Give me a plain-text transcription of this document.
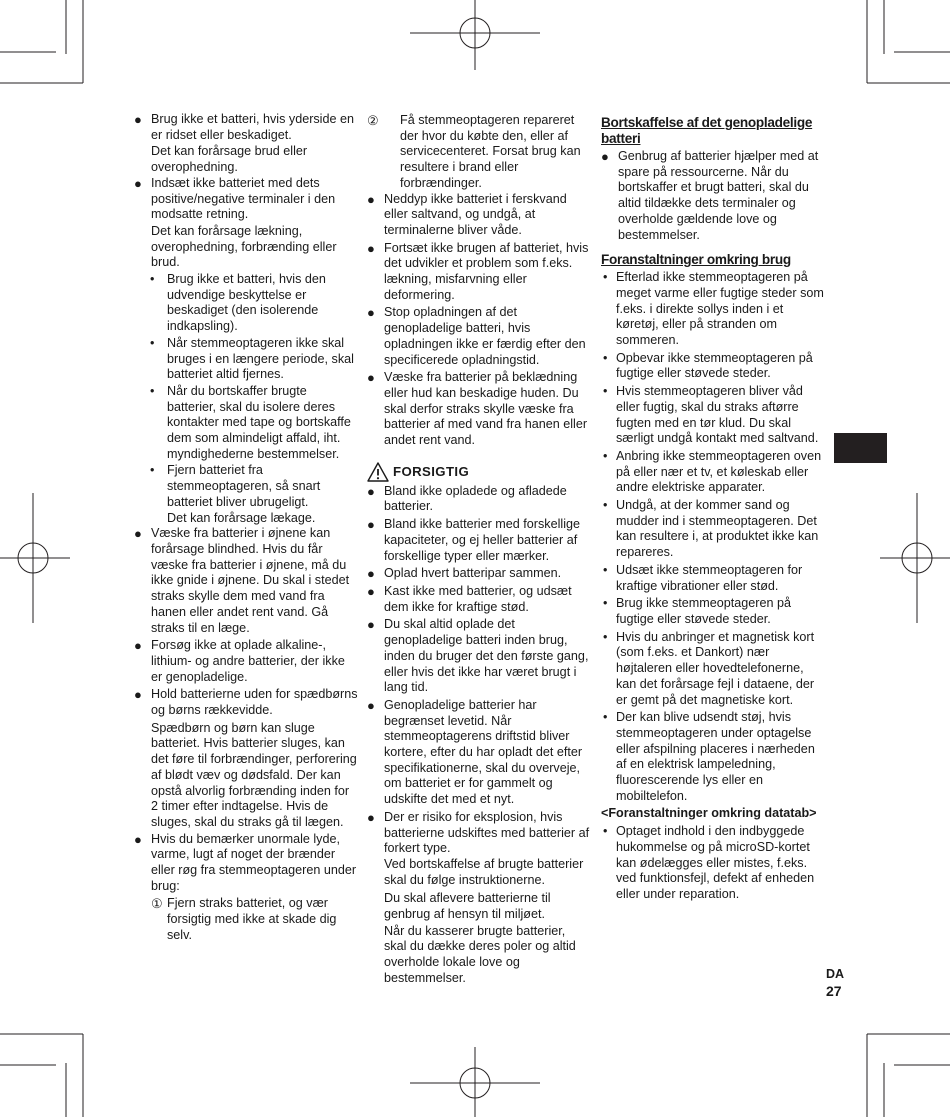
● Brug ikke et batteri, hvis yderside en er ridset eller beskadiget.
Det kan forårsage brud eller overophedning.
● Indsæt ikke batteriet med dets positive/negative terminaler i den modsatte retning.
Det kan forårsage lækning, overophedning, forbrænding eller brud.
• Brug ikke et batteri, hvis den udvendige beskyttelse er beskadiget (den isolerende indkapsling).
• Når stemmeoptageren ikke skal bruges i en længere periode, skal batteriet altid fjernes.
• Når du bortskaffer brugte batterier, skal du isolere deres kontakter med tape og bortskaffe dem som almindeligt affald, iht. myndighederne bestemmelser.
• Fjern batteriet fra stemmeoptageren, så snart batteriet bliver ubrugeligt.
Det kan forårsage lækage.
● Væske fra batterier i øjnene kan forårsage blindhed. Hvis du får væske fra batterier i øjnene, må du ikke gnide i øjnene. Du skal i stedet straks skylle dem med vand fra hanen eller andet rent vand. Gå straks til en læge.
● Forsøg ikke at oplade alkaline-, lithium- og andre batterier, der ikke er genopladelige.
● Hold batterierne uden for spædbørns og børns rækkevidde.
Spædbørn og børn kan sluge batteriet. Hvis batterier sluges, kan det føre til forbrændinger, perforering af blødt væv og dødsfald. Der kan opstå alvorlig forbrænding inden for 2 timer efter indtagelse. Hvis de sluges, skal du straks gå til lægen.
● Hvis du bemærker unormale lyde, varme, lugt af noget der brænder eller røg fra stemmeoptageren under brug:
① Fjern straks batteriet, og vær forsigtig med ikke at skade dig selv.
②	Få stemmeoptageren repareret der hvor du købte den, eller af servicecenteret. Forsat brug kan resultere i brand eller forbrændinger.
● Neddyp ikke batteriet i ferskvand eller saltvand, og undgå, at terminalerne bliver våde.
● Fortsæt ikke brugen af batteriet, hvis det udvikler et problem som f.eks. lækning, misfarvning eller deformering.
● Stop opladningen af det genopladelige batteri, hvis opladningen ikke er færdig efter den specificerede opladningstid.
● Væske fra batterier på beklædning eller hud kan beskadige huden. Du skal derfor straks skylle væske fra batterier af med vand fra hanen eller andet rent vand.
FORSIGTIG
● Bland ikke opladede og afladede batterier.
● Bland ikke batterier med forskellige kapaciteter, og ej heller batterier af forskellige typer eller mærker.
● Oplad hvert batteripar sammen.
● Kast ikke med batterier, og udsæt dem ikke for kraftige stød.
● Du skal altid oplade det genopladelige batteri inden brug, inden du bruger det den første gang, eller hvis det ikke har været brugt i lang tid.
● Genopladelige batterier har begrænset levetid. Når stemmeoptagerens driftstid bliver kortere, efter du har opladt det efter specifikationerne, skal du overveje, om batteriet er for gammelt og udskifte det med et nyt.
● Der er risiko for eksplosion, hvis batterierne udskiftes med batterier af forkert type.
Ved bortskaffelse af brugte batterier skal du følge instruktionerne.
Du skal aflevere batterierne til genbrug af hensyn til miljøet.
Når du kasserer brugte batterier, skal du dække deres poler og altid overholde lokale love og bestemmelser.
Bortskaffelse af det genopladelige batteri
● Genbrug af batterier hjælper med at spare på ressourcerne. Når du bortskaffer et brugt batteri, skal du altid tildække dets terminaler og overholde gældende love og bestemmelser.
Foranstaltninger omkring brug
• Efterlad ikke stemmeoptageren på meget varme eller fugtige steder som f.eks. i direkte sollys inden i et køretøj, eller på stranden om sommeren.
• Opbevar ikke stemmeoptageren på fugtige eller støvede steder.
• Hvis stemmeoptageren bliver våd eller fugtig, skal du straks aftørre fugten med en tør klud. Du skal særligt undgå kontakt med saltvand.
• Anbring ikke stemmeoptageren oven på eller nær et tv, et køleskab eller andre elektriske apparater.
• Undgå, at der kommer sand og mudder ind i stemmeoptageren. Det kan resultere i, at produktet ikke kan repareres.
• Udsæt ikke stemmeoptageren for kraftige vibrationer eller stød.
• Brug ikke stemmeoptageren på fugtige eller støvede steder.
• Hvis du anbringer et magnetisk kort (som f.eks. et Dankort) nær højtaleren eller hovedtelefonerne, kan det forårsage fejl i dataene, der er gemt på det magnetiske kort.
• Der kan blive udsendt støj, hvis stemmeoptageren under optagelse eller afspilning placeres i nærheden af en elektrisk lampeledning, fluorescerende lys eller en mobiltelefon.
<Foranstaltninger omkring datatab>
• Optaget indhold i den indbyggede hukommelse og på microSD-kortet kan ødelægges eller mistes, f.eks. ved funktionsfejl, defekt af enheden eller under reparation.
DA
27
